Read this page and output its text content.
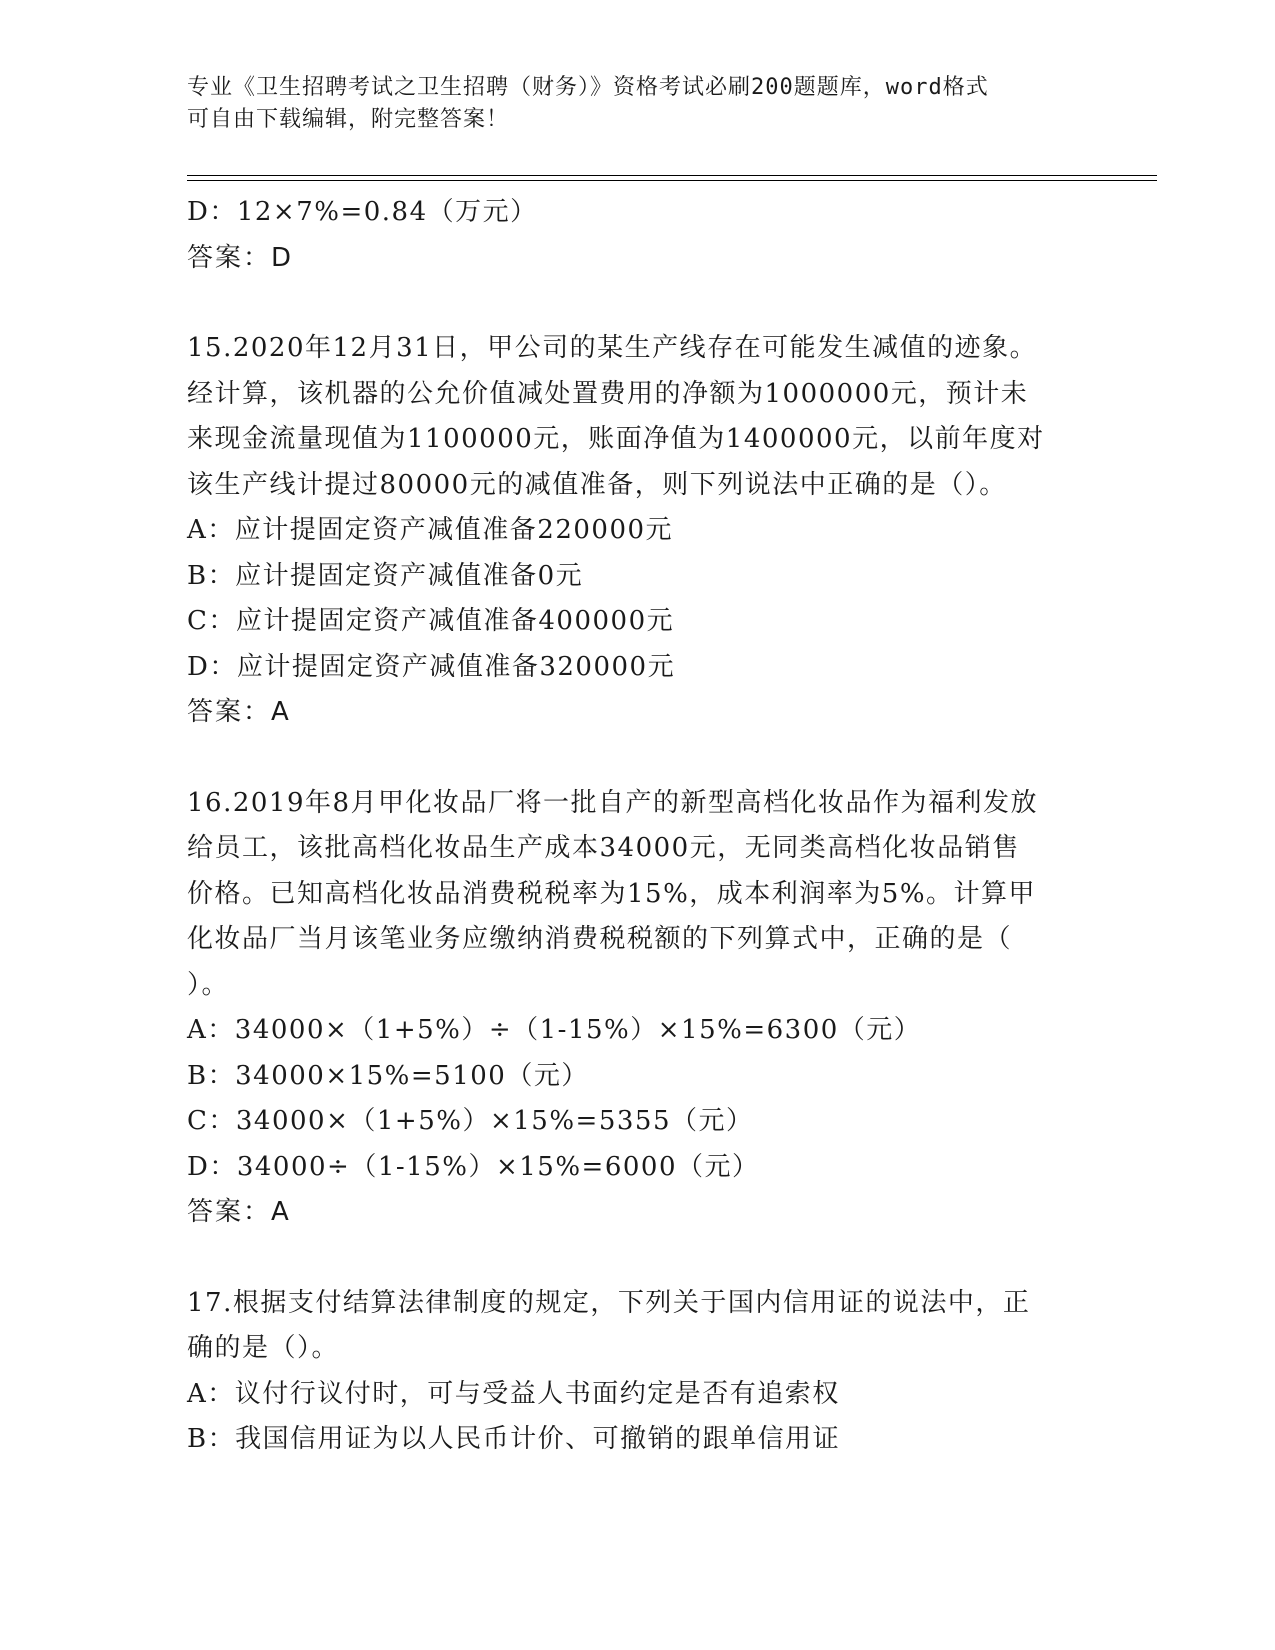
专业《卫生招聘考试之卫生招聘（财务）》资格考试必刷200题题库，word格式
可自由下载编辑，附完整答案！

D：12×7%=0.84（万元）

答案：D

15.2020年12月31日，甲公司的某生产线存在可能发生减值的迹象。

经计算，该机器的公允价值减处置费用的净额为1000000元，预计未

来现金流量现值为1100000元，账面净值为1400000元，以前年度对

该生产线计提过80000元的减值准备，则下列说法中正确的是（）。

A：应计提固定资产减值准备220000元

B：应计提固定资产减值准备0元

C：应计提固定资产减值准备400000元

D：应计提固定资产减值准备320000元

答案：A

16.2019年8月甲化妆品厂将一批自产的新型高档化妆品作为福利发放

给员工，该批高档化妆品生产成本34000元，无同类高档化妆品销售

价格。已知高档化妆品消费税税率为15%，成本利润率为5%。计算甲

化妆品厂当月该笔业务应缴纳消费税税额的下列算式中，正确的是（

）。

A：34000×（1+5%）÷（1-15%）×15%=6300（元）

B：34000×15%=5100（元）

C：34000×（1+5%）×15%=5355（元）

D：34000÷（1-15%）×15%=6000（元）

答案：A

17.根据支付结算法律制度的规定，下列关于国内信用证的说法中，正

确的是（）。

A：议付行议付时，可与受益人书面约定是否有追索权

B：我国信用证为以人民币计价、可撤销的跟单信用证
